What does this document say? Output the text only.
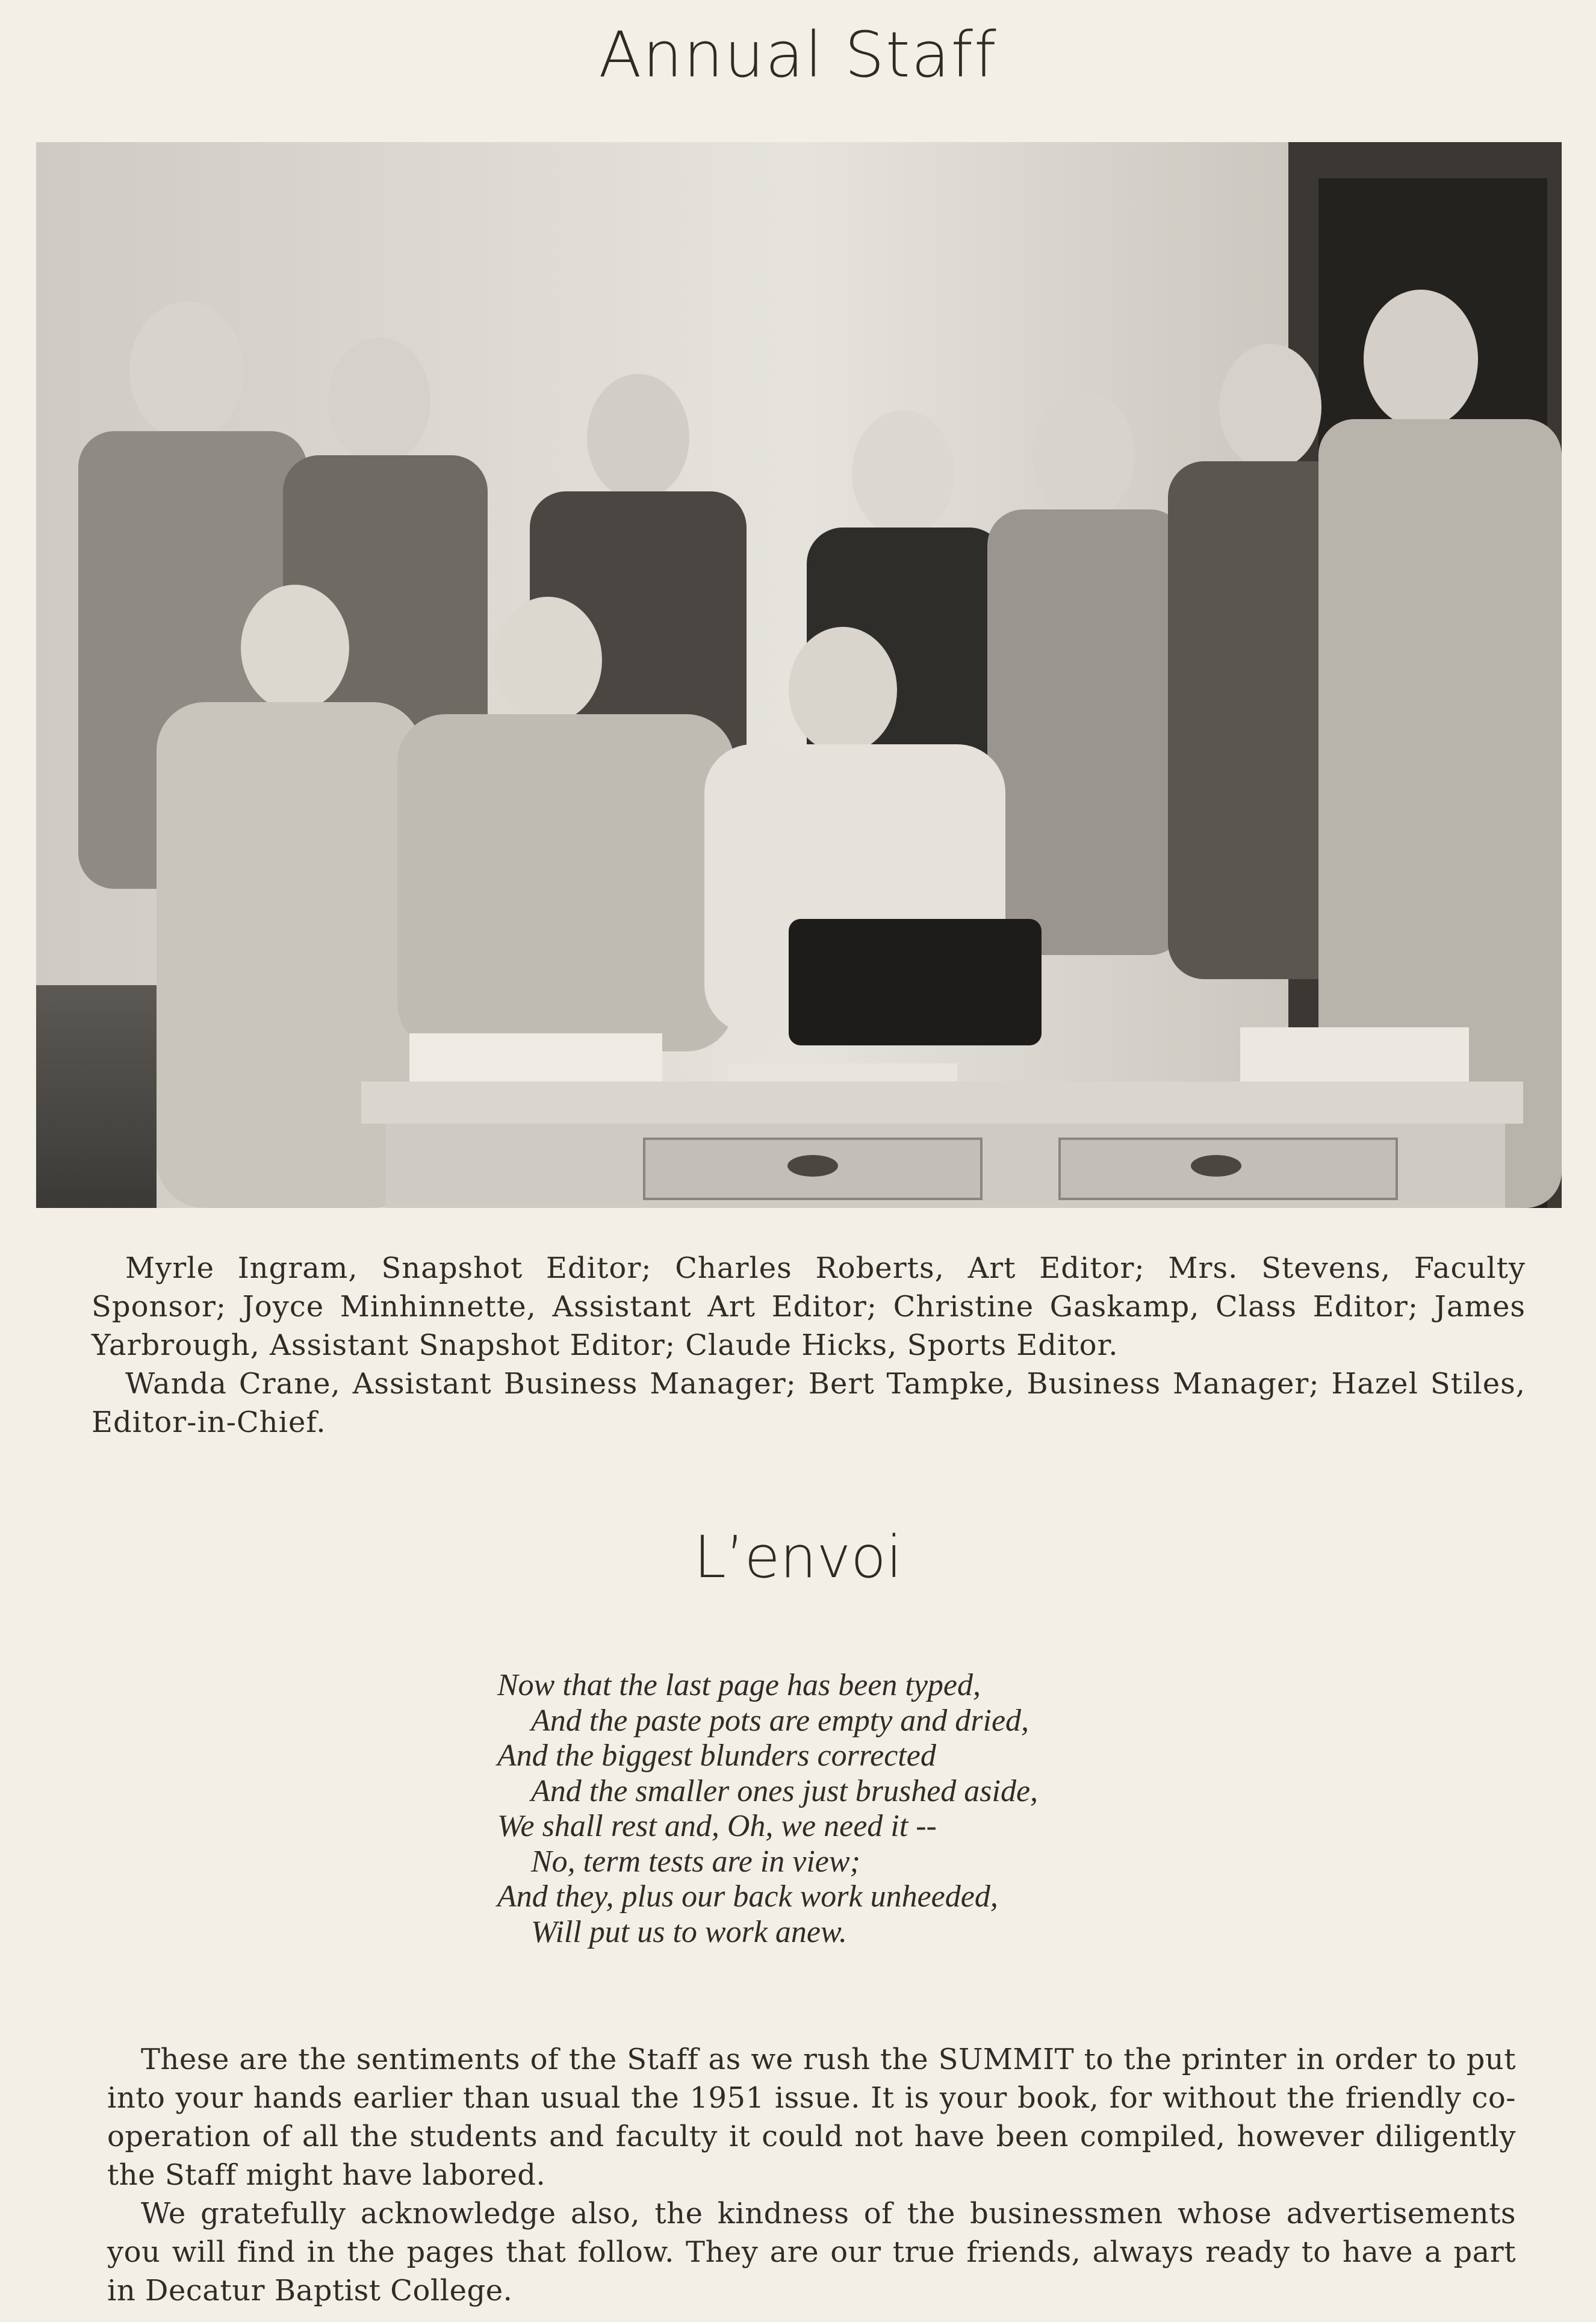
Annual Staff

Myrle Ingram, Snapshot Editor; Charles Roberts, Art Editor; Mrs. Stevens, Faculty Sponsor; Joyce Minhinnette, Assistant Art Editor; Christine Gaskamp, Class Editor; James Yarbrough, Assistant Snapshot Editor; Claude Hicks, Sports Editor.

Wanda Crane, Assistant Business Manager; Bert Tampke, Business Manager; Hazel Stiles, Editor-in-Chief.

L’envoi
Now that the last page has been typed,
And the paste pots are empty and dried,
And the biggest blunders corrected
And the smaller ones just brushed aside,
We shall rest and, Oh, we need it --
No, term tests are in view;
And they, plus our back work unheeded,
Will put us to work anew.

These are the sentiments of the Staff as we rush the SUMMIT to the printer in order to put into your hands earlier than usual the 1951 issue. It is your book, for without the friendly co-operation of all the students and faculty it could not have been compiled, however diligently the Staff might have labored.

We gratefully acknowledge also, the kindness of the businessmen whose advertisements you will find in the pages that follow. They are our true friends, always ready to have a part in Decatur Baptist College.
